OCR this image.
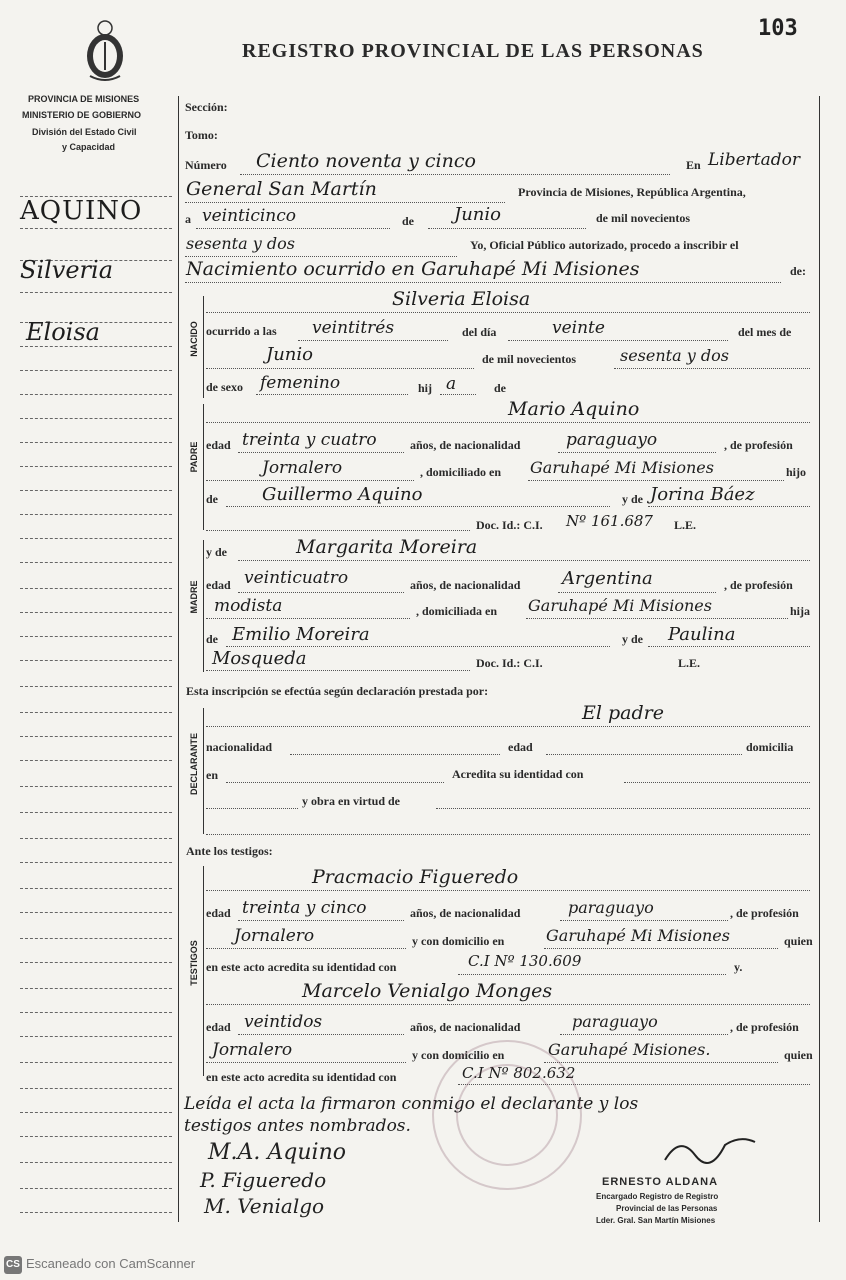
REGISTRO PROVINCIAL DE LAS PERSONAS
103
PROVINCIA DE MISIONES
MINISTERIO DE GOBIERNO
División del Estado Civil
y Capacidad
AQUINO
Silveria
Eloisa
Sección:
Tomo:
Número Ciento noventa y cinco	En Libertador
General San Martín	Provincia de Misiones, República Argentina,
a veinticinco	de Junio	de mil novecientos
sesenta y dos	Yo, Oficial Público autorizado, procedo a inscribir el
Nacimiento ocurrido en Garuhapé Mi Misiones	de:
NACIDO
Silveria Eloisa
ocurrido a las veintitrés	del día	veinte	del mes de
Junio	de mil novecientos	sesenta y dos
de sexo femenino	hij a	de
PADRE
Mario Aquino
edad treinta y cuatro	años, de nacionalidad	paraguayo	, de profesión
Jornalero	, domiciliado en Garuhapé Mi Misiones	hijo
de Guillermo Aquino	y de Jorina Báez
Doc. Id.: C.I. Nº 161.687 L.E.
MADRE
y de	Margarita Moreira
edad veinticuatro	años, de nacionalidad Argentina	, de profesión
modista	, domiciliada en Garuhapé Mi Misiones	hija
de Emilio Moreira	y de Paulina
Mosqueda	Doc. Id.: C.I.	L.E.
Esta inscripción se efectúa según declaración prestada por:
DECLARANTE
El padre
nacionalidad	edad	domicilia
en	Acredita su identidad con
y obra en virtud de
Ante los testigos:
TESTIGOS
Pracmacio Figueredo
edad treinta y cinco	años, de nacionalidad	paraguayo	, de profesión
Jornalero	y con domicilio en	Garuhapé Mi Misiones	quien
en este acto acredita su identidad con	C.I Nº 130.609	y.
Marcelo Venialgo Monges
edad veintidos	años, de nacionalidad	paraguayo	, de profesión
Jornalero	y con domicilio en	Garuhapé Misiones.	quien
en este acto acredita su identidad con	C.I Nº 802.632
Leída el acta la firmaron conmigo el declarante y los
testigos antes nombrados.
M.A. Aquino
P. Figueredo
M. Venialgo
ERNESTO ALDANA
Encargado Registro de Registro
Provincial de las Personas
Lder. Gral. San Martín Misiones
CS Escaneado con CamScanner
